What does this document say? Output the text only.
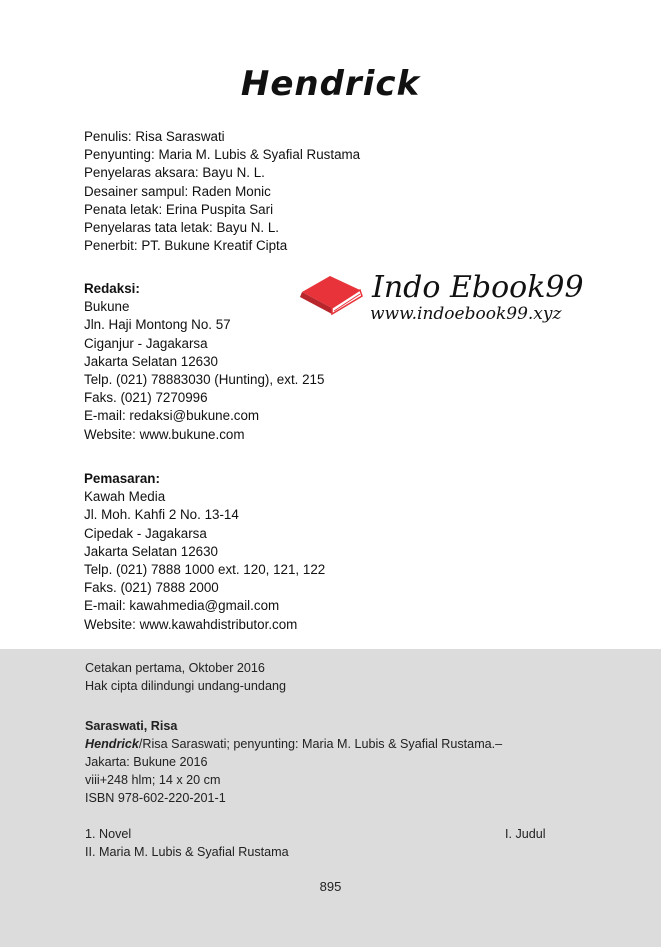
Hendrick
Penulis: Risa Saraswati
Penyunting: Maria M. Lubis & Syafial Rustama
Penyelaras aksara: Bayu N. L.
Desainer sampul: Raden Monic
Penata letak: Erina Puspita Sari
Penyelaras tata letak: Bayu N. L.
Penerbit: PT. Bukune Kreatif Cipta
Redaksi:
Bukune
Jln. Haji Montong No. 57
Ciganjur - Jagakarsa
Jakarta Selatan 12630
Telp. (021) 78883030 (Hunting), ext. 215
Faks. (021) 7270996
E-mail: redaksi@bukune.com
Website: www.bukune.com
Indo Ebook99
www.indoebook99.xyz
Pemasaran:
Kawah Media
Jl. Moh. Kahfi 2 No. 13-14
Cipedak - Jagakarsa
Jakarta Selatan 12630
Telp. (021) 7888 1000 ext. 120, 121, 122
Faks. (021) 7888 2000
E-mail: kawahmedia@gmail.com
Website: www.kawahdistributor.com
Cetakan pertama, Oktober 2016
Hak cipta dilindungi undang-undang
Saraswati, Risa
Hendrick/Risa Saraswati; penyunting: Maria M. Lubis & Syafial Rustama.–
Jakarta: Bukune 2016
viii+248 hlm; 14 x 20 cm
ISBN 978-602-220-201-1
1. Novel
II. Maria M. Lubis & Syafial Rustama
I. Judul
895
